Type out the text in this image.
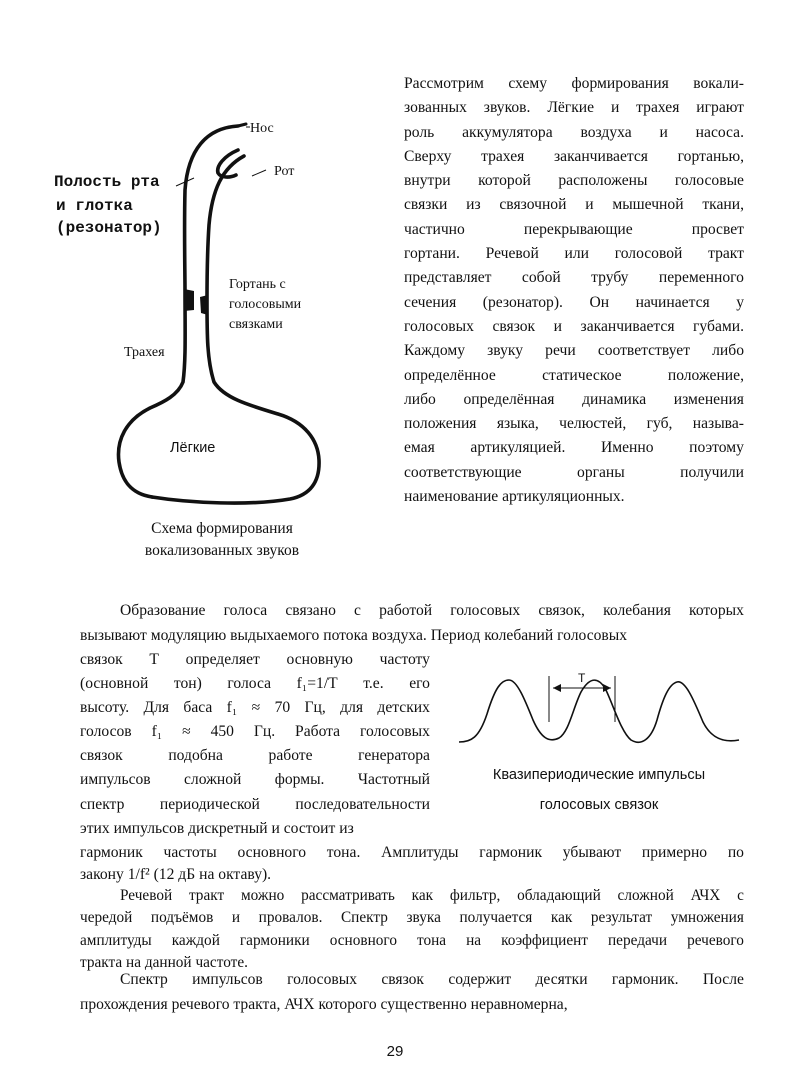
Нос
Рот
Полость рта
и глотка
(резонатор)
Гортань с
голосовыми
связками
Трахея
Лёгкие
Схема формирования
вокализованных звуков
Рассмотрим схему формирования вокали-
зованных звуков. Лёгкие и трахея играют
роль аккумулятора воздуха и насоса.
Сверху трахея заканчивается гортанью,
внутри которой расположены голосовые
связки из связочной и мышечной ткани,
частично	перекрывающие	просвет
гортани. Речевой или голосовой тракт
представляет собой трубу переменного
сечения (резонатор). Он начинается у
голосовых связок и заканчивается губами.
Каждому звуку речи соответствует либо
определённое	статическое	положение,
либо определённая динамика изменения
положения языка, челюстей, губ, называ-
емая артикуляцией. Именно поэтому
соответствующие	органы	получили
наименование артикуляционных.
Образование голоса связано с работой голосовых связок, колебания которых
вызывают модуляцию выдыхаемого потока воздуха. Период колебаний голосовых
связок Т определяет основную частоту
(основной тон) голоса f₁=1/T т.е. его
высоту. Для баса f₁ ≈ 70 Гц, для детских
голосов f₁ ≈ 450 Гц. Работа голосовых
связок	подобна	работе	генератора
импульсов сложной формы. Частотный
спектр периодической последовательности
этих импульсов дискретный и состоит из
гармоник частоты основного тона. Амплитуды гармоник убывают примерно по
закону 1/f² (12 дБ на октаву).
T
Квазипериодические импульсы
голосовых связок
Речевой тракт можно рассматривать как фильтр, обладающий сложной АЧХ с
чередой подъёмов и провалов. Спектр звука получается как результат умножения
амплитуды каждой гармоники основного тона на коэффициент передачи речевого
тракта на данной частоте.
Спектр импульсов голосовых связок содержит десятки гармоник. После
прохождения речевого тракта, АЧХ которого существенно неравномерна,
29
